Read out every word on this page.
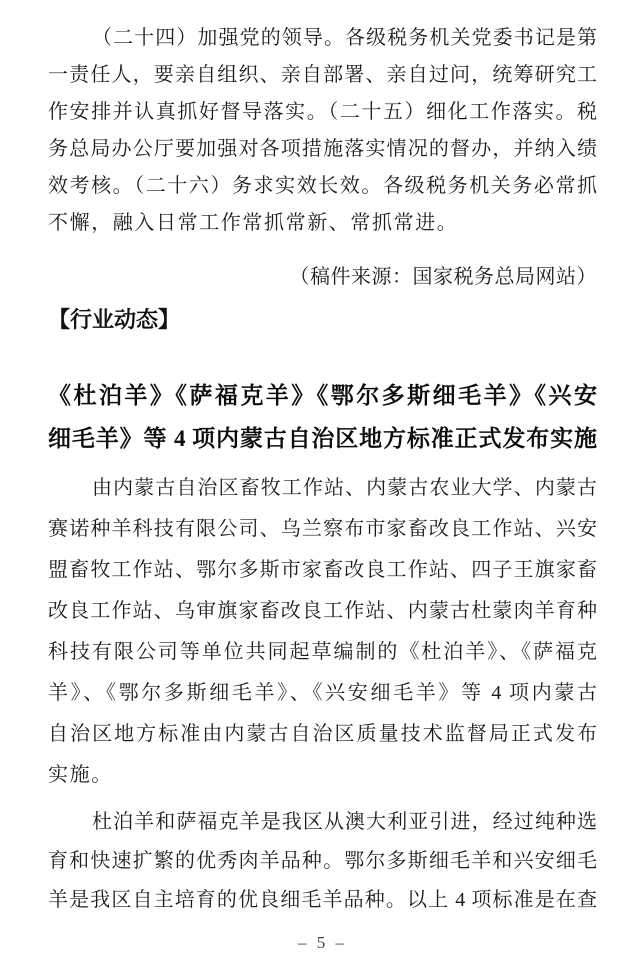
（二十四）加强党的领导。各级税务机关党委书记是第
一责任人，要亲自组织、亲自部署、亲自过问，统筹研究工
作安排并认真抓好督导落实。（二十五）细化工作落实。税
务总局办公厅要加强对各项措施落实情况的督办，并纳入绩
效考核。（二十六）务求实效长效。各级税务机关务必常抓
不懈，融入日常工作常抓常新、常抓常进。
（稿件来源：国家税务总局网站）
【行业动态】
《杜泊羊》《萨福克羊》《鄂尔多斯细毛羊》《兴安
细毛羊》等 4 项内蒙古自治区地方标准正式发布实施
由内蒙古自治区畜牧工作站、内蒙古农业大学、内蒙古
赛诺种羊科技有限公司、乌兰察布市家畜改良工作站、兴安
盟畜牧工作站、鄂尔多斯市家畜改良工作站、四子王旗家畜
改良工作站、乌审旗家畜改良工作站、内蒙古杜蒙肉羊育种
科技有限公司等单位共同起草编制的《杜泊羊》、《萨福克
羊》、《鄂尔多斯细毛羊》、《兴安细毛羊》等 4 项内蒙古
自治区地方标准由内蒙古自治区质量技术监督局正式发布
实施。
杜泊羊和萨福克羊是我区从澳大利亚引进，经过纯种选
育和快速扩繁的优秀肉羊品种。鄂尔多斯细毛羊和兴安细毛
羊是我区自主培育的优良细毛羊品种。以上 4 项标准是在查
– 5 –
